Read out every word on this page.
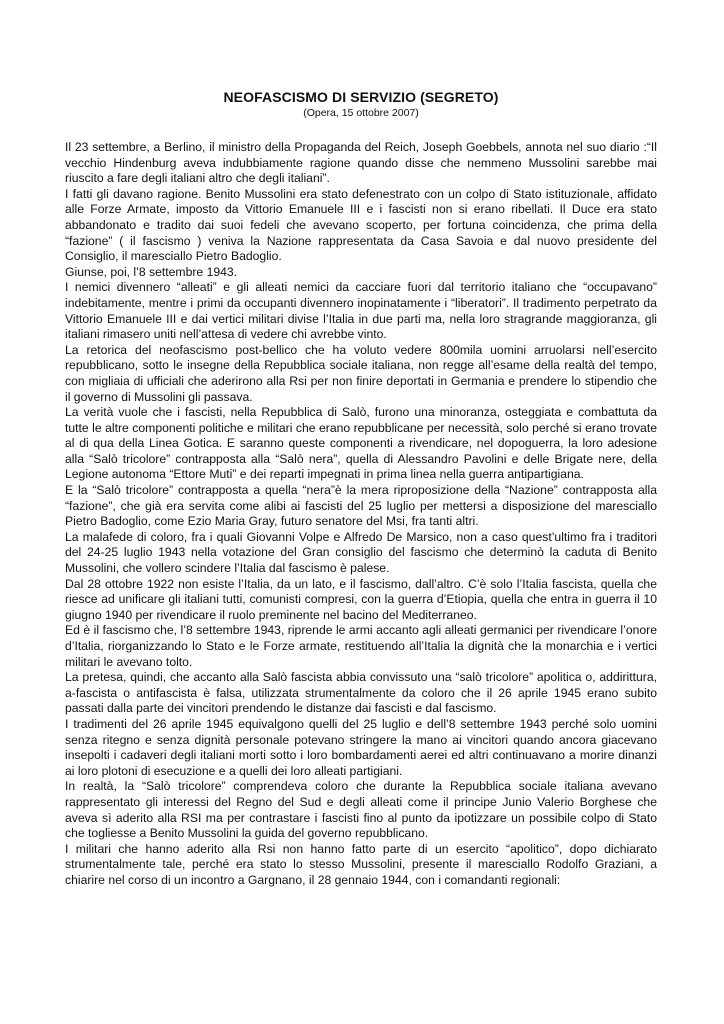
NEOFASCISMO DI SERVIZIO (SEGRETO)
(Opera, 15 ottobre 2007)

Il 23 settembre, a Berlino, il ministro della Propaganda del Reich, Joseph Goebbels, annota nel suo diario :“Il vecchio Hindenburg aveva indubbiamente ragione quando disse che nemmeno Mussolini sarebbe mai riuscito a fare degli italiani altro che degli italiani”.

I fatti gli davano ragione. Benito Mussolini era stato defenestrato con un colpo di Stato istituzionale, affidato alle Forze Armate, imposto da Vittorio Emanuele III e i fascisti non si erano ribellati. Il Duce era stato abbandonato e tradito dai suoi fedeli che avevano scoperto, per fortuna coincidenza, che prima della “fazione” ( il fascismo ) veniva la Nazione rappresentata da Casa Savoia e dal nuovo presidente del Consiglio, il maresciallo Pietro Badoglio.

Giunse, poi, l’8 settembre 1943.

I nemici divennero “alleati” e gli alleati nemici da cacciare fuori dal territorio italiano che “occupavano” indebitamente, mentre i primi da occupanti divennero inopinatamente i “liberatori”. Il tradimento perpetrato da Vittorio Emanuele III e dai vertici militari divise l’Italia in due parti ma, nella loro stragrande maggioranza, gli italiani rimasero uniti nell’attesa di vedere chi avrebbe vinto.

La retorica del neofascismo post-bellico che ha voluto vedere 800mila uomini arruolarsi nell’esercito repubblicano, sotto le insegne della Repubblica sociale italiana, non regge all’esame della realtà del tempo, con migliaia di ufficiali che aderirono alla Rsi per non finire deportati in Germania e prendere lo stipendio che il governo di Mussolini gli passava.

La verità vuole che i fascisti, nella Repubblica di Salò, furono una minoranza, osteggiata e combattuta da tutte le altre componenti politiche e militari che erano repubblicane per necessità, solo perché si erano trovate al di qua della Linea Gotica. E saranno queste componenti a rivendicare, nel dopoguerra, la loro adesione alla “Salò tricolore” contrapposta alla “Salò nera”, quella di Alessandro Pavolini e delle Brigate nere, della Legione autonoma “Ettore Muti” e dei reparti impegnati in prima linea nella guerra antipartigiana.

E la “Salò tricolore” contrapposta a quella “nera”è la mera riproposizione della “Nazione” contrapposta alla “fazione”, che già era servita come alibi ai fascisti del 25 luglio per mettersi a disposizione del maresciallo Pietro Badoglio, come Ezio Maria Gray, futuro senatore del Msi, fra tanti altri.

La malafede di coloro, fra i quali Giovanni Volpe e Alfredo De Marsico, non a caso quest’ultimo fra i traditori del 24-25 luglio 1943 nella votazione del Gran consiglio del fascismo che determinò la caduta di Benito Mussolini, che vollero scindere l’Italia dal fascismo è palese.

Dal 28 ottobre 1922 non esiste l’Italia, da un lato, e il fascismo, dall’altro. C’è solo l’Italia fascista, quella che riesce ad unificare gli italiani tutti, comunisti compresi, con la guerra d’Etiopia, quella che entra in guerra il 10 giugno 1940 per rivendicare il ruolo preminente nel bacino del Mediterraneo.

Ed è il fascismo che, l’8 settembre 1943, riprende le armi accanto agli alleati germanici per rivendicare l’onore d’Italia, riorganizzando lo Stato e le Forze armate, restituendo all’Italia la dignità che la monarchia e i vertici militari le avevano tolto.

La pretesa, quindi, che accanto alla Salò fascista abbia convissuto una “salò tricolore” apolitica o, addirittura, a-fascista o antifascista è falsa, utilizzata strumentalmente da coloro che il 26 aprile 1945 erano subito passati dalla parte dei vincitori prendendo le distanze dai fascisti e dal fascismo.

I tradimenti del 26 aprile 1945 equivalgono quelli del 25 luglio e dell’8 settembre 1943 perché solo uomini senza ritegno e senza dignità personale potevano stringere la mano ai vincitori quando ancora giacevano insepolti i cadaveri degli italiani morti sotto i loro bombardamenti aerei ed altri continuavano a morire dinanzi ai loro plotoni di esecuzione e a quelli dei loro alleati partigiani.

In realtà, la “Salò tricolore” comprendeva coloro che durante la Repubblica sociale italiana avevano rappresentato gli interessi del Regno del Sud e degli alleati come il principe Junio Valerio Borghese che aveva sì aderito alla RSI ma per contrastare i fascisti fino al punto da ipotizzare un possibile colpo di Stato che togliesse a Benito Mussolini la guida del governo repubblicano.

I militari che hanno aderito alla Rsi non hanno fatto parte di un esercito “apolitico”, dopo dichiarato strumentalmente tale, perché era stato lo stesso Mussolini, presente il maresciallo Rodolfo Graziani, a chiarire nel corso di un incontro a Gargnano, il 28 gennaio 1944, con i comandanti regionali:
